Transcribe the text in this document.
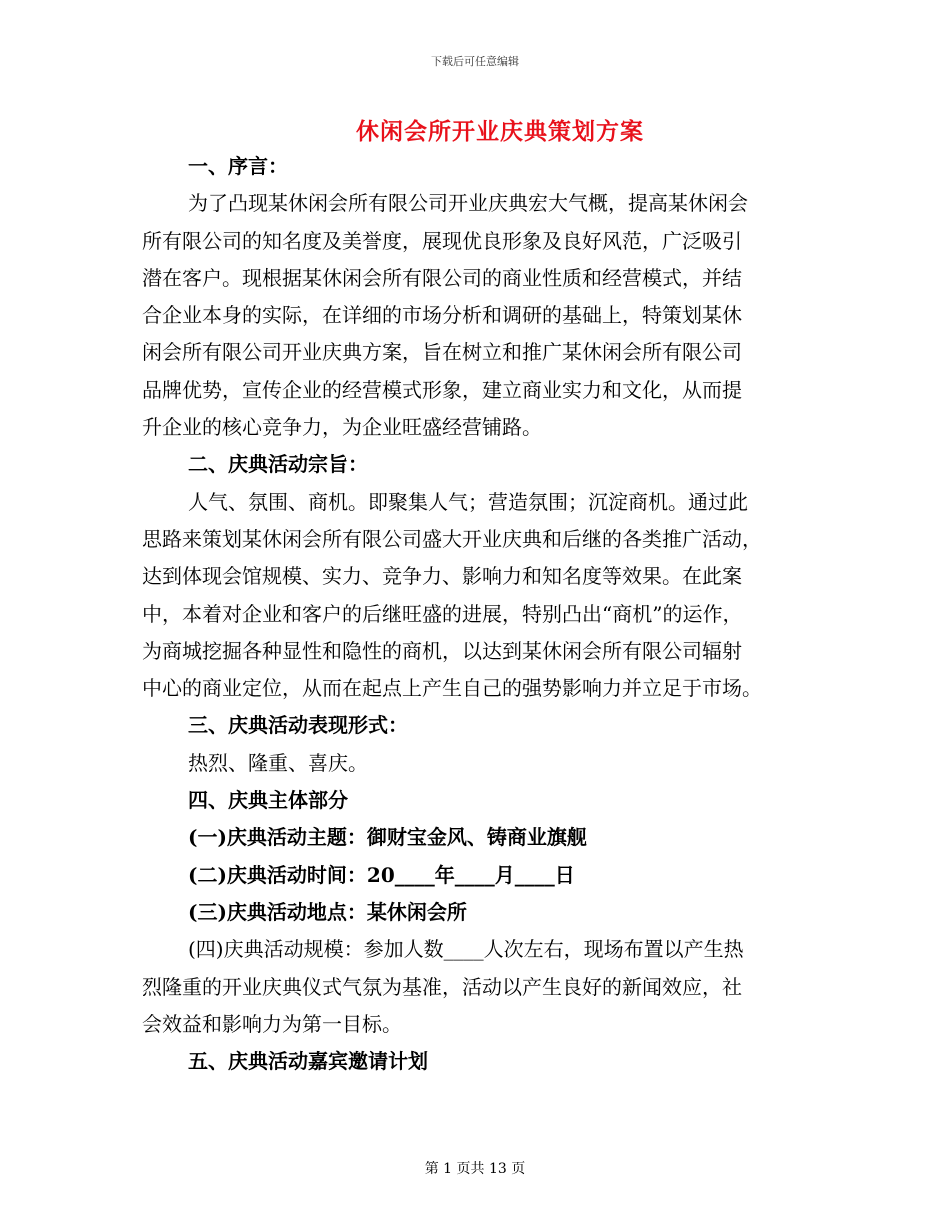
下载后可任意编辑
休闲会所开业庆典策划方案
一、序言：
为了凸现某休闲会所有限公司开业庆典宏大气概，提高某休闲会
所有限公司的知名度及美誉度，展现优良形象及良好风范，广泛吸引
潜在客户。现根据某休闲会所有限公司的商业性质和经营模式，并结
合企业本身的实际，在详细的市场分析和调研的基础上，特策划某休
闲会所有限公司开业庆典方案，旨在树立和推广某休闲会所有限公司
品牌优势，宣传企业的经营模式形象，建立商业实力和文化，从而提
升企业的核心竞争力，为企业旺盛经营铺路。
二、庆典活动宗旨：
人气、氛围、商机。即聚集人气；营造氛围；沉淀商机。通过此
思路来策划某休闲会所有限公司盛大开业庆典和后继的各类推广活动，
达到体现会馆规模、实力、竞争力、影响力和知名度等效果。在此案
中，本着对企业和客户的后继旺盛的进展，特别凸出“商机”的运作，
为商城挖掘各种显性和隐性的商机，以达到某休闲会所有限公司辐射
中心的商业定位，从而在起点上产生自己的强势影响力并立足于市场。
三、庆典活动表现形式：
热烈、隆重、喜庆。
四、庆典主体部分
(一)庆典活动主题：御财宝金风、铸商业旗舰
(二)庆典活动时间：20____年____月____日
(三)庆典活动地点：某休闲会所
(四)庆典活动规模：参加人数____人次左右，现场布置以产生热
烈隆重的开业庆典仪式气氛为基准，活动以产生良好的新闻效应，社
会效益和影响力为第一目标。
五、庆典活动嘉宾邀请计划
第 1 页共 13 页
